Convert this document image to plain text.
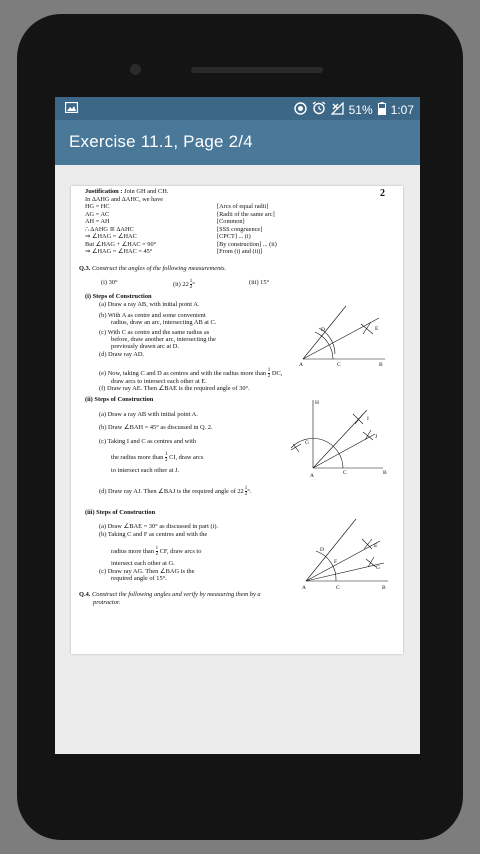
51% 1:07
Exercise 11.1, Page 2/4
2
Justification : Join GH and CH.
In ΔAHG and ΔAHC, we have
HG = HC	[Arcs of equal radii]
AG = AC	[Radii of the same arc]
AH = AH	[Common]
∴ ΔAHG ≅ ΔAHC	[SSS congruence]
⇒ ∠HAG = ∠HAC	[CPCT] ... (i)
But ∠HAG + ∠HAC = 90°	[By construction] ... (ii)
⇒ ∠HAG = ∠HAC = 45°	[From (i) and (ii)]
Q.3. Construct the angles of the following measurements.
(i) 30°	(ii) $22 \frac{1}{2}$ °	(iii) 15°
(i) Steps of Construction
(a) Draw a ray AB, with initial point A.
(b) With A as centre and some convenient
radius, draw an arc, intersecting AB at C.
(c) With C as centre and the same radius as
before, draw another arc, intersecting the
previously drawn arc at D.
(d) Draw ray AD.
(e) Now, taking C and D as centres and with the radius more than $\frac{1}{2}$ DC,
draw arcs to intersect each other at E.
(f) Draw ray AE. Then ∠BAE is the required angle of 30°.
(ii) Steps of Construction
(a) Draw a ray AB with initial point A.
(b) Draw ∠BAH = 45° as discussed in Q. 2.
(c) Taking I and C as centres and with
the radius more than $\frac{1}{2}$ CI, draw arcs
to intersect each other at J.
(d) Draw ray AJ. Then ∠BAJ is the required angle of $22 \frac{1}{2}$ °.
(iii) Steps of Construction
(a) Draw ∠BAE = 30° as discussed in part (i).
(b) Taking C and F as centres and with the
radius more than $\frac{1}{2}$ CF, draw arcs to
intersect each other at G.
(c) Draw ray AG. Then ∠BAG is the
required angle of 15°.
Q.4. Construct the following angles and verify by measuring them by a
protractor.
A	C	B
D	E
A	C	B
G
H
I
J
A	C	B
D
E
F
G
